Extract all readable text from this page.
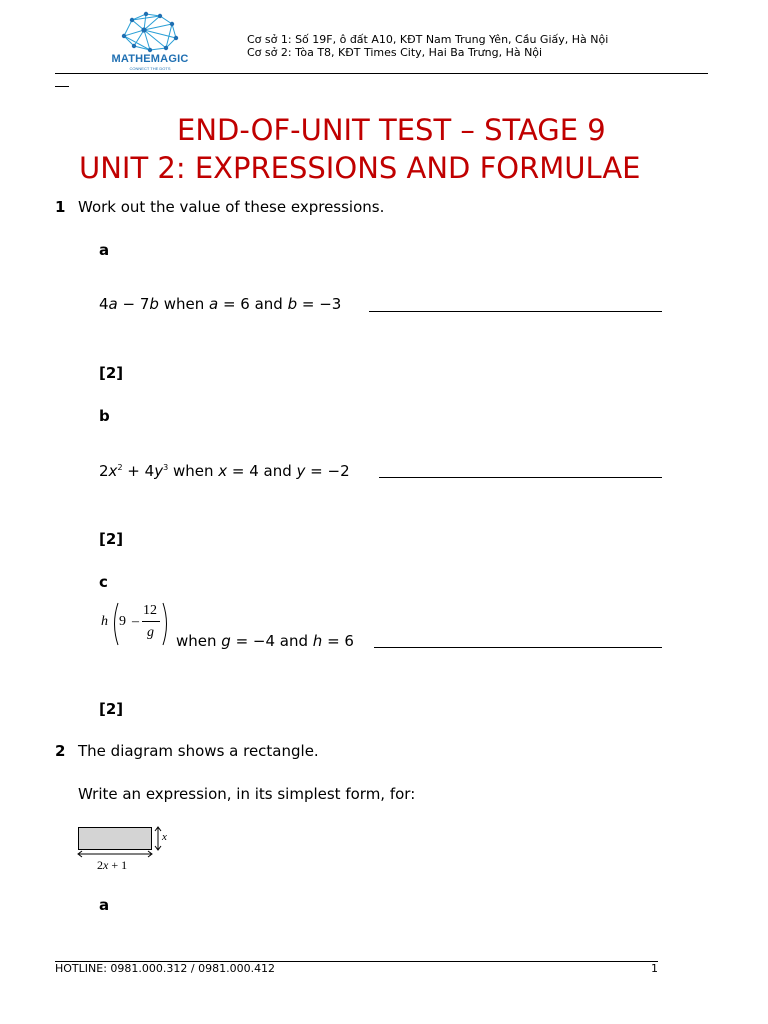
MATHEMAGIC
CONNECT THE DOTS
Cơ sở 1: Số 19F, ô đất A10, KĐT Nam Trung Yên, Cầu Giấy, Hà Nội
Cơ sở 2: Tòa T8, KĐT Times City, Hai Ba Trưng, Hà Nội
END-OF-UNIT TEST – STAGE 9
UNIT 2: EXPRESSIONS AND FORMULAE
1 Work out the value of these expressions.
a
4a − 7b when a = 6 and b = −3
[2]
b
$2x^2 + 4y^3$ when x = 4 and y = −2
[2]
c
h 9 –
12
g when g = −4 and h = 6
[2]
2 The diagram shows a rectangle.
Write an expression, in its simplest form, for:
x
2x + 1
a
HOTLINE: 0981.000.312 / 0981.000.412	1
